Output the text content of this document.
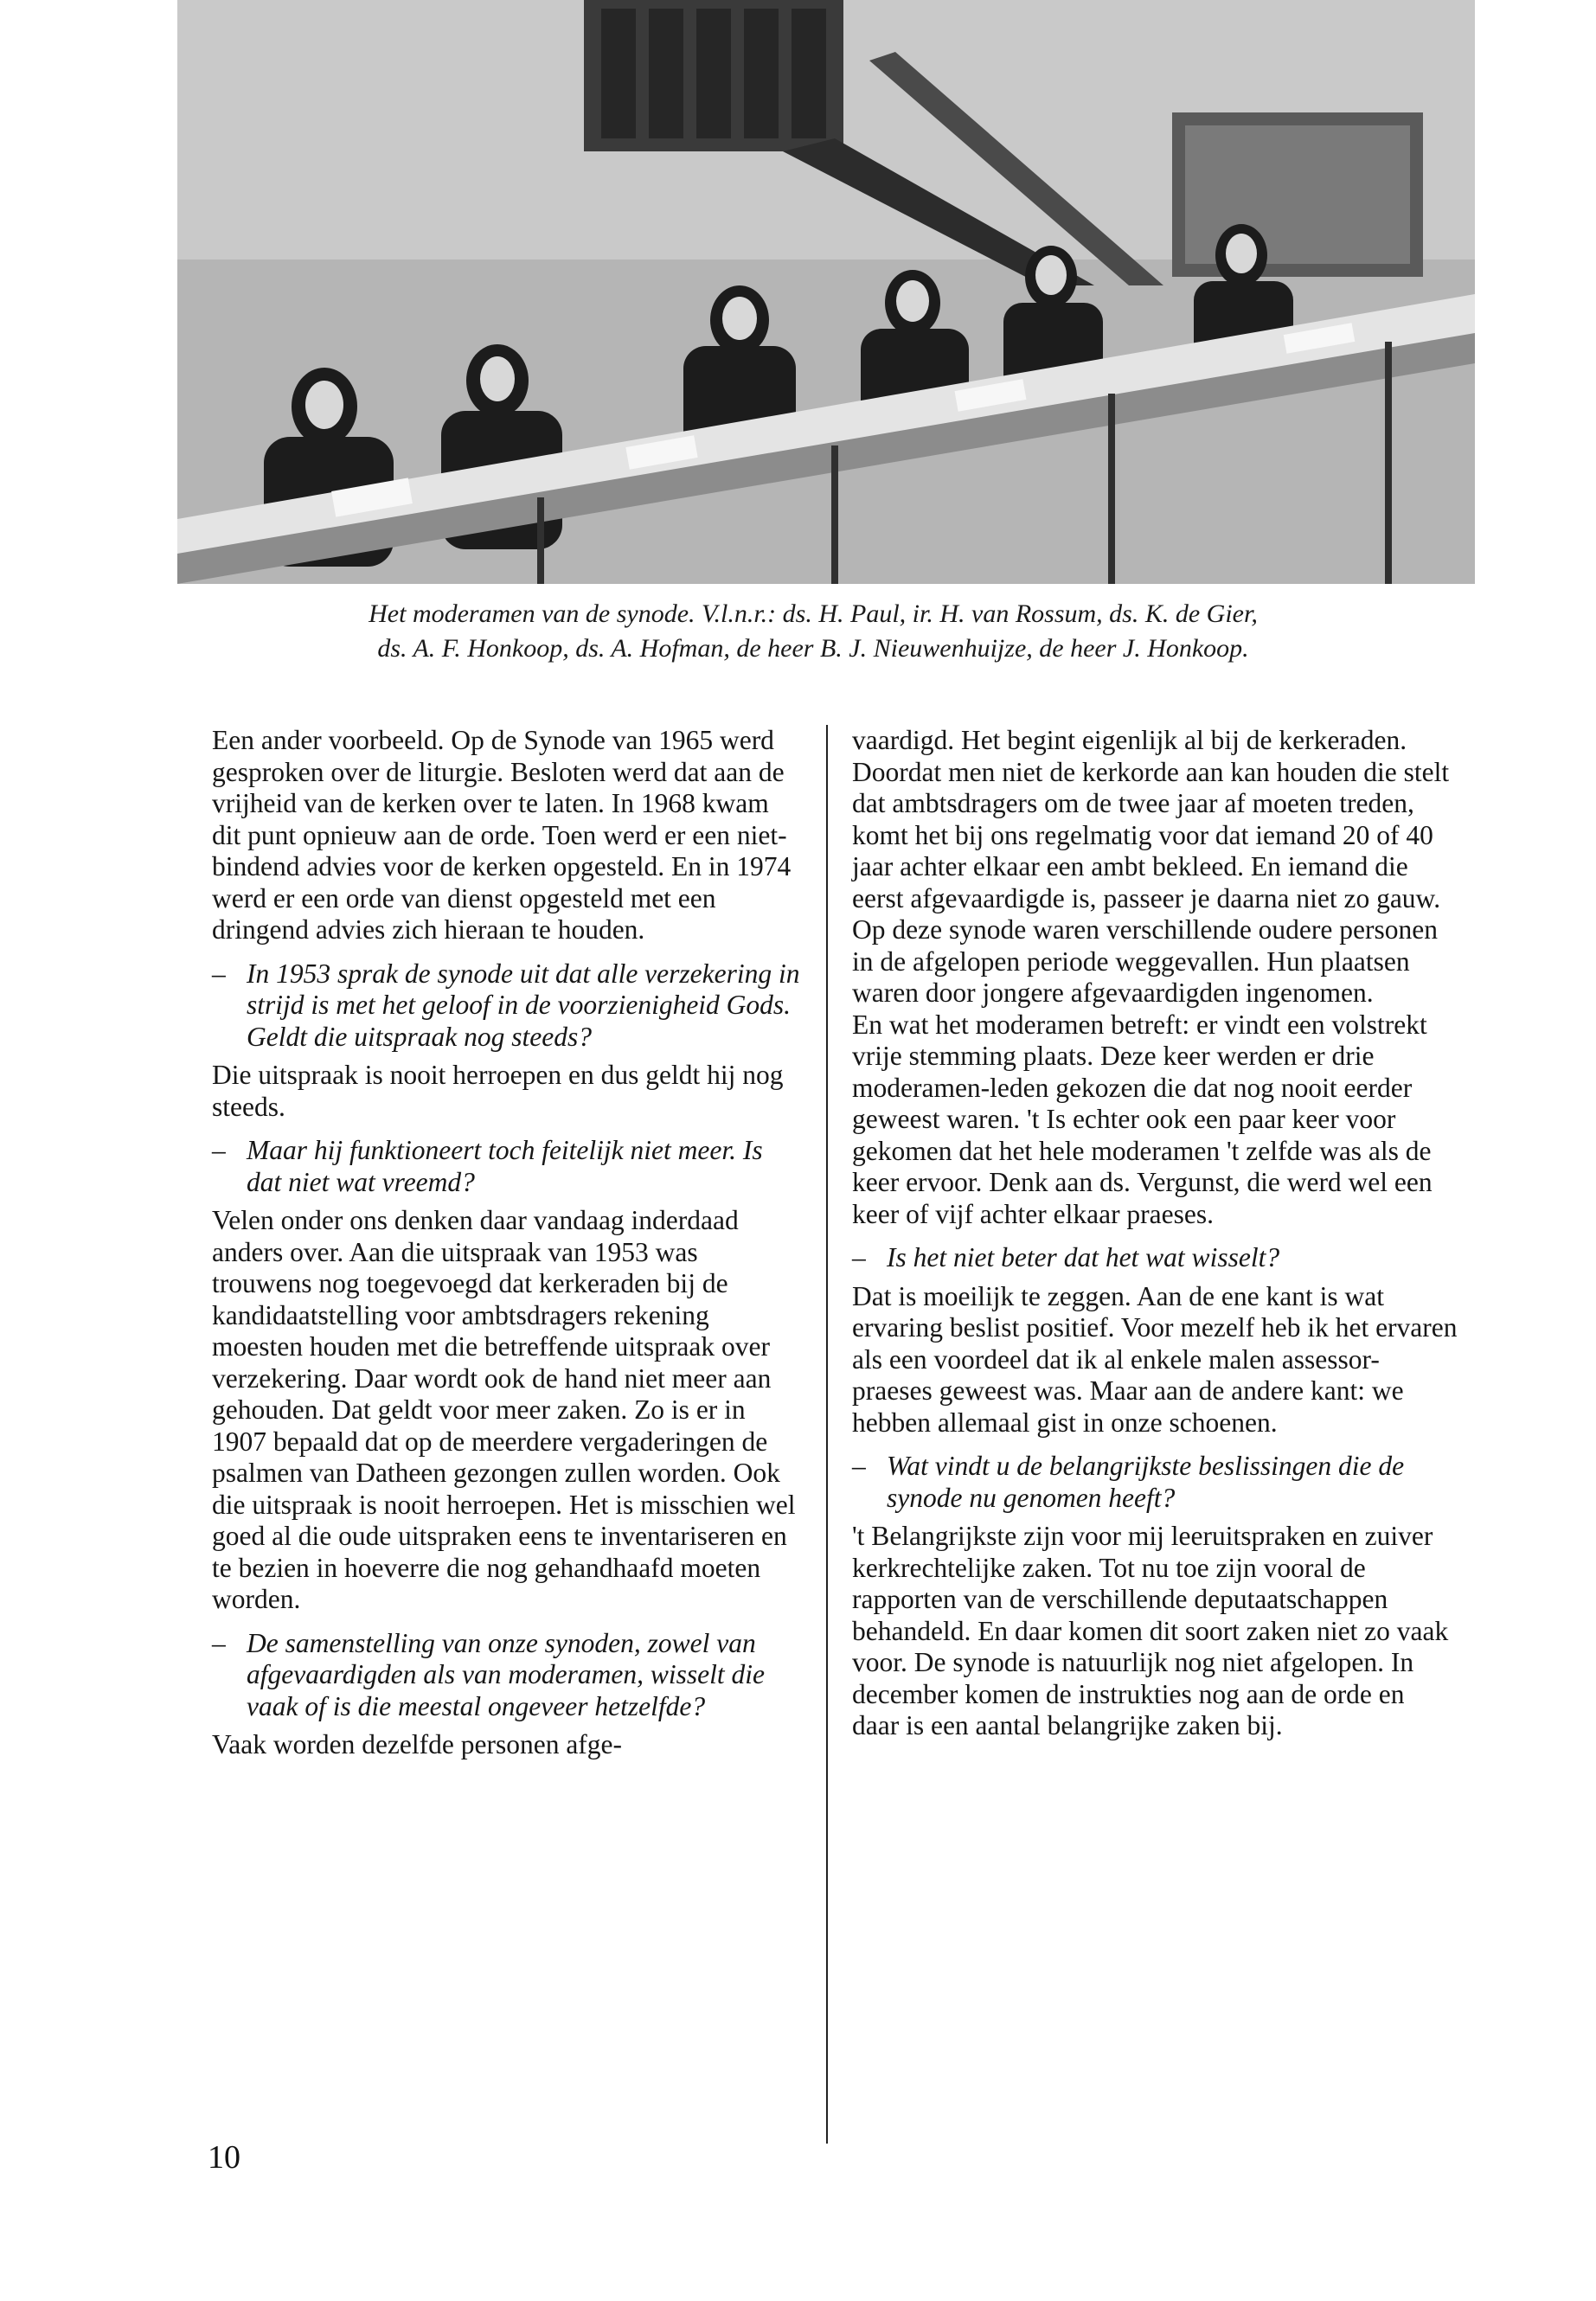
Het moderamen van de synode. V.l.n.r.: ds. H. Paul, ir. H. van Rossum, ds. K. de Gier,

ds. A. F. Honkoop, ds. A. Hofman, de heer B. J. Nieuwenhuijze, de heer J. Honkoop.

Een ander voorbeeld. Op de Synode van 1965 werd gesproken over de liturgie. Besloten werd dat aan de vrijheid van de kerken over te laten. In 1968 kwam dit punt opnieuw aan de orde. Toen werd er een niet-bindend advies voor de kerken opgesteld. En in 1974 werd er een orde van dienst opgesteld met een dringend advies zich hieraan te houden.

– In 1953 sprak de synode uit dat alle verzekering in strijd is met het geloof in de voorzienigheid Gods. Geldt die uitspraak nog steeds?

Die uitspraak is nooit herroepen en dus geldt hij nog steeds.

– Maar hij funktioneert toch feitelijk niet meer. Is dat niet wat vreemd?

Velen onder ons denken daar vandaag inderdaad anders over. Aan die uitspraak van 1953 was trouwens nog toegevoegd dat kerkeraden bij de kandidaatstelling voor ambtsdragers rekening moesten houden met die betreffende uitspraak over verzekering. Daar wordt ook de hand niet meer aan gehouden. Dat geldt voor meer zaken. Zo is er in 1907 bepaald dat op de meerdere vergaderingen de psalmen van Datheen gezongen zullen worden. Ook die uitspraak is nooit herroepen. Het is misschien wel goed al die oude uitspraken eens te inventariseren en te bezien in hoeverre die nog gehandhaafd moeten worden.

– De samenstelling van onze synoden, zowel van afgevaardigden als van moderamen, wisselt die vaak of is die meestal ongeveer hetzelfde?

Vaak worden dezelfde personen afge-

vaardigd. Het begint eigenlijk al bij de kerkeraden. Doordat men niet de kerkorde aan kan houden die stelt dat ambtsdragers om de twee jaar af moeten treden, komt het bij ons regelmatig voor dat iemand 20 of 40 jaar achter elkaar een ambt bekleed. En iemand die eerst afgevaardigde is, passeer je daarna niet zo gauw.

Op deze synode waren verschillende oudere personen in de afgelopen periode weggevallen. Hun plaatsen waren door jongere afgevaardigden ingenomen.

En wat het moderamen betreft: er vindt een volstrekt vrije stemming plaats. Deze keer werden er drie moderamen-leden gekozen die dat nog nooit eerder geweest waren. 't Is echter ook een paar keer voor gekomen dat het hele moderamen 't zelfde was als de keer ervoor. Denk aan ds. Vergunst, die werd wel een keer of vijf achter elkaar praeses.

– Is het niet beter dat het wat wisselt?

Dat is moeilijk te zeggen. Aan de ene kant is wat ervaring beslist positief. Voor mezelf heb ik het ervaren als een voordeel dat ik al enkele malen assessor-praeses geweest was. Maar aan de andere kant: we hebben allemaal gist in onze schoenen.

– Wat vindt u de belangrijkste beslissingen die de synode nu genomen heeft?

't Belangrijkste zijn voor mij leeruitspraken en zuiver kerkrechtelijke zaken. Tot nu toe zijn vooral de rapporten van de verschillende deputaatschappen behandeld. En daar komen dit soort zaken niet zo vaak voor. De synode is natuurlijk nog niet afgelopen. In december komen de instrukties nog aan de orde en daar is een aantal belangrijke zaken bij.

10
